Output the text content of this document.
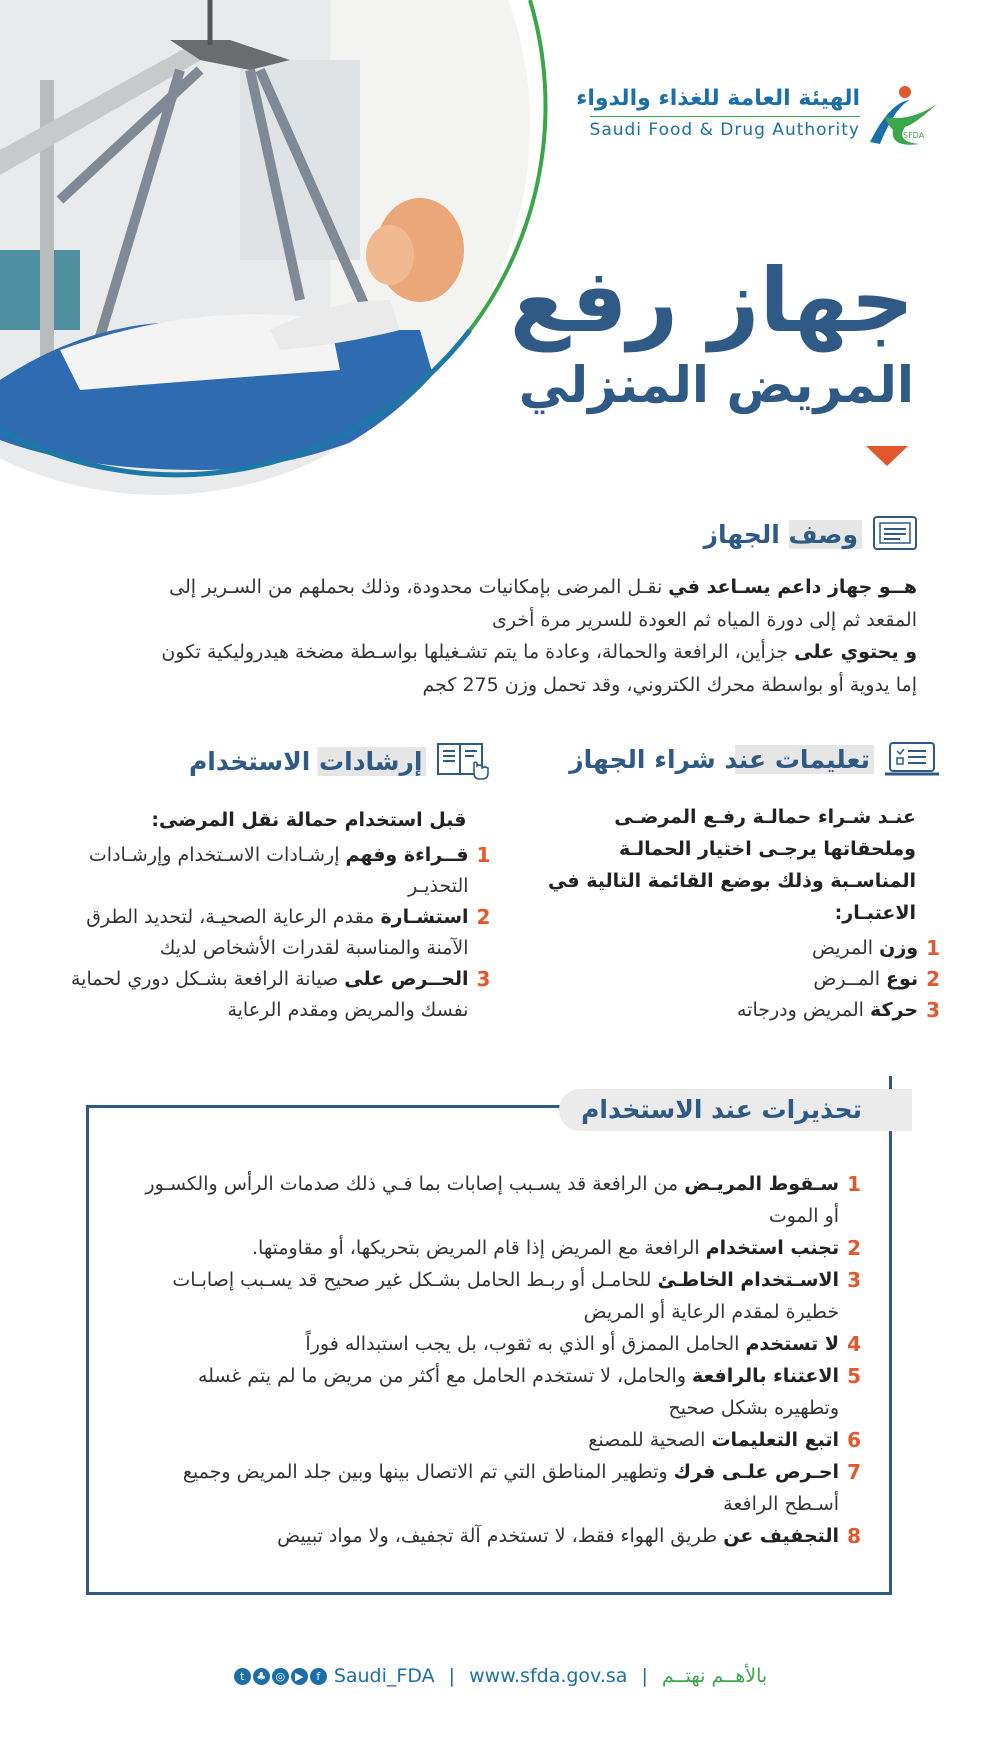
الهيئة العامة للغذاء والدواء
Saudi Food & Drug Authority	SFDA
جهاز رفع
المريض المنزلي
وصف الجهاز
هــو جهاز داعم يسـاعد في نقـل المرضى بإمكانيات محدودة، وذلك بحملهم من السـرير إلى المقعد ثم إلى دورة المياه ثم العودة للسرير مرة أخرى
و يحتوي على جزأين، الرافعة والحمالة، وعادة ما يتم تشـغيلها بواسـطة مضخة هيدروليكية تكون إما يدوية أو بواسطة محرك الكتروني، وقد تحمل وزن 275 كجم
تعليمات عند شراء الجهاز
عنـد شـراء حمالـة رفـع المرضـى وملحقاتها يرجـى اختيار الحمالـة المناسـبة وذلك بوضع القائمة التالية في الاعتبـار:
1
وزن المريض
2
نوع المــرض
3
حركة المريض ودرجاته
إرشادات الاستخدام
قبل استخدام حمالة نقل المرضى:
1
قــراءة وفهم إرشـادات الاسـتخدام وإرشـادات التحذيـر
2
استشـارة مقدم الرعاية الصحيـة، لتحديد الطرق الآمنة والمناسبة لقدرات الأشخاص لديك
3
الحــرص على صيانة الرافعة بشـكل دوري لحماية نفسك والمريض ومقدم الرعاية
1
سـقوط المريـض من الرافعة قد يسـبب إصابات بما فـي ذلك صدمات الرأس والكسـور أو الموت
2
تجنب استخدام الرافعة مع المريض إذا قام المريض بتحريكها، أو مقاومتها.
3
الاسـتخدام الخاطـئ للحامـل أو ربـط الحامل بشـكل غير صحيح قد يسـبب إصابـات خطيرة لمقدم الرعاية أو المريض
4
لا تستخدم الحامل الممزق أو الذي به ثقوب، بل يجب استبداله فوراً
5
الاعتناء بالرافعة والحامل، لا تستخدم الحامل مع أكثر من مريض ما لم يتم غسله وتطهيره بشكل صحيح
6
اتبع التعليمات الصحية للمصنع
7
احـرص علـى فرك وتطهير المناطق التي تم الاتصال بينها وبين جلد المريض وجميع أسـطح الرافعة
8
التجفيف عن طريق الهواء فقط، لا تستخدم آلة تجفيف، ولا مواد تبييض
تحذيرات عند الاستخدام
t ♣ ◎ ▶ f Saudi_FDA | www.sfda.gov.sa | بالأهــم نهتــم
